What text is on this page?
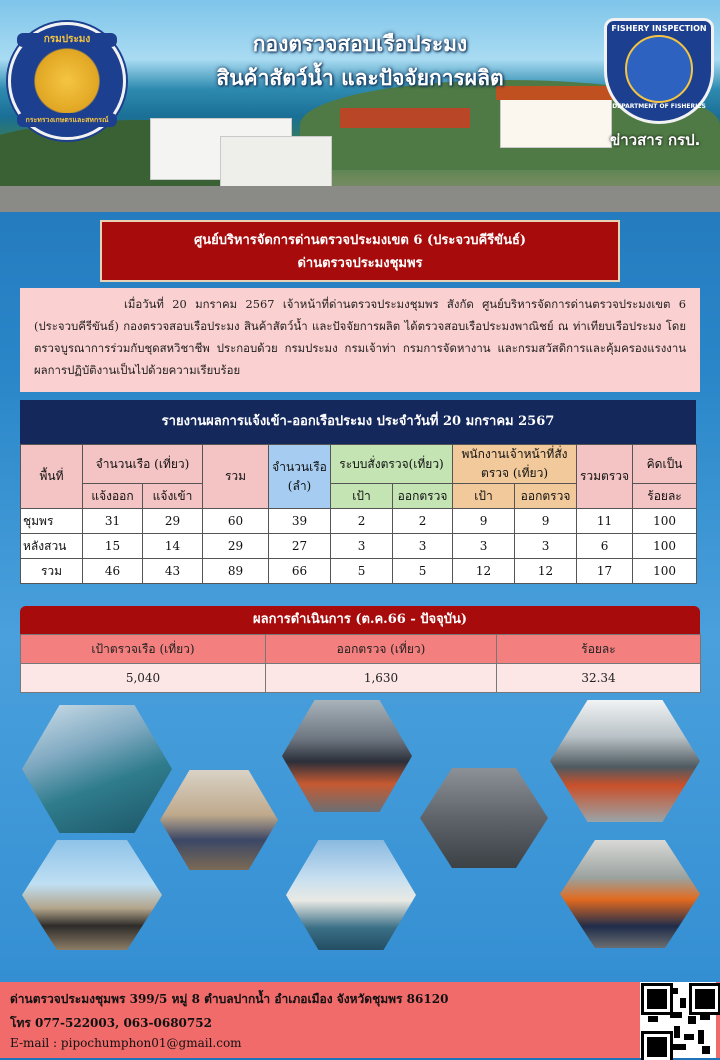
กรมประมง
กระทรวงเกษตรและสหกรณ์
กองตรวจสอบเรือประมง
สินค้าสัตว์น้ำ และปัจจัยการผลิต
FISHERY INSPECTION
DEPARTMENT OF FISHERIES
ข่าวสาร กรป.
ศูนย์บริหารจัดการด่านตรวจประมงเขต 6 (ประจวบคีรีขันธ์)
ด่านตรวจประมงชุมพร

เมื่อวันที่ 20 มกราคม 2567 เจ้าหน้าที่ด่านตรวจประมงชุมพร สังกัด ศูนย์บริหารจัดการด่านตรวจประมงเขต 6 (ประจวบคีรีขันธ์) กองตรวจสอบเรือประมง สินค้าสัตว์น้ำ และปัจจัยการผลิต ได้ตรวจสอบเรือประมงพาณิชย์ ณ ท่าเทียบเรือประมง โดยตรวจบูรณาการร่วมกับชุดสหวิชาชีพ ประกอบด้วย กรมประมง กรมเจ้าท่า กรมการจัดหางาน และกรมสวัสดิการและคุ้มครองแรงงาน ผลการปฏิบัติงานเป็นไปด้วยความเรียบร้อย

รายงานผลการแจ้งเข้า-ออกเรือประมง ประจำวันที่ 20 มกราคม 2567
พื้นที่	จำนวนเรือ (เที่ยว)		รวม	จำนวนเรือ (ลำ)	ระบบสั่งตรวจ(เที่ยว)		พนักงานเจ้าหน้าที่สั่งตรวจ (เที่ยว)		รวมตรวจ	คิดเป็น
	แจ้งออก	แจ้งเข้า			เป้า	ออกตรวจ	เป้า	ออกตรวจ		ร้อยละ
ชุมพร	31	29	60	39	2	2	9	9	11	100
หลังสวน	15	14	29	27	3	3	3	3	6	100
รวม	46	43	89	66	5	5	12	12	17	100
ผลการดำเนินการ (ต.ค.66 - ปัจจุบัน)
เป้าตรวจเรือ (เที่ยว)	ออกตรวจ (เที่ยว)	ร้อยละ
5,040	1,630	32.34
ด่านตรวจประมงชุมพร 399/5 หมู่ 8 ตำบลปากน้ำ อำเภอเมือง จังหวัดชุมพร 86120
โทร 077-522003, 063-0680752
E-mail : pipochumphon01@gmail.com
